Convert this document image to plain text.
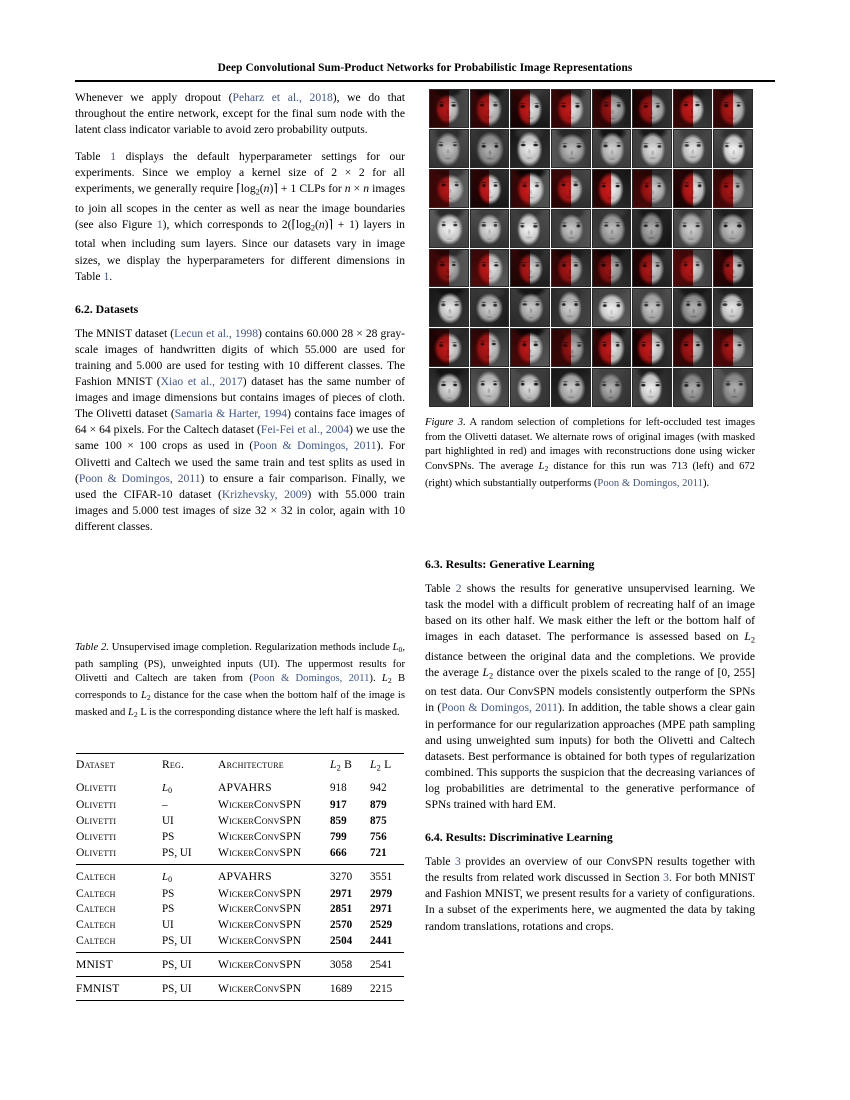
Deep Convolutional Sum-Product Networks for Probabilistic Image Representations

Whenever we apply dropout (Peharz et al., 2018), we do that throughout the entire network, except for the final sum node with the latent class indicator variable to avoid zero probability outputs.

Table 1 displays the default hyperparameter settings for our experiments. Since we employ a kernel size of 2 × 2 for all experiments, we generally require $⌈\log_2(n)⌉ + 1$ CLPs for n × n images to join all scopes in the center as well as near the image boundaries (see also Figure 1), which corresponds to $2(⌈\log_2(n)⌉ + 1)$ layers in total when including sum layers. Since our datasets vary in image sizes, we display the hyperparameters for different dimensions in Table 1.

6.2. Datasets

The MNIST dataset (Lecun et al., 1998) contains 60.000 28 × 28 gray-scale images of handwritten digits of which 55.000 are used for training and 5.000 are used for testing with 10 different classes. The Fashion MNIST (Xiao et al., 2017) dataset has the same number of images and image dimensions but contains images of pieces of cloth. The Olivetti dataset (Samaria & Harter, 1994) contains face images of 64 × 64 pixels. For the Caltech dataset (Fei-Fei et al., 2004) we use the same 100 × 100 crops as used in (Poon & Domingos, 2011). For Olivetti and Caltech we used the same train and test splits as used in (Poon & Domingos, 2011) to ensure a fair comparison. Finally, we used the CIFAR-10 dataset (Krizhevsky, 2009) with 55.000 train images and 5.000 test images of size 32 × 32 in color, again with 10 different classes.

Table 2. Unsupervised image completion. Regularization methods include $L_0$, path sampling (PS), unweighted inputs (UI). The uppermost results for Olivetti and Caltech are taken from (Poon & Domingos, 2011). $L_2$ B corresponds to $L_2$ distance for the case when the bottom half of the image is masked and $L_2$ L is the corresponding distance where the left half is masked.
Dataset	Reg.	Architecture	$L_2$ B	$L_2$ L
Olivetti	$L_0$	APVAHRS	918	942
Olivetti	–	WickerConvSPN	917	879
Olivetti	UI	WickerConvSPN	859	875
Olivetti	PS	WickerConvSPN	799	756
Olivetti	PS, UI	WickerConvSPN	666	721
Caltech	$L_0$	APVAHRS	3270	3551
Caltech	PS	WickerConvSPN	2971	2979
Caltech	PS	WickerConvSPN	2851	2971
Caltech	UI	WickerConvSPN	2570	2529
Caltech	PS, UI	WickerConvSPN	2504	2441
MNIST	PS, UI	WickerConvSPN	3058	2541
FMNIST	PS, UI	WickerConvSPN	1689	2215
Figure 3. A random selection of completions for left-occluded test images from the Olivetti dataset. We alternate rows of original images (with masked part highlighted in red) and images with reconstructions done using wicker ConvSPNs. The average $L_2$ distance for this run was 713 (left) and 672 (right) which substantially outperforms (Poon & Domingos, 2011).
6.3. Results: Generative Learning

Table 2 shows the results for generative unsupervised learning. We task the model with a difficult problem of recreating half of an image based on its other half. We mask either the left or the bottom half of images in each dataset. The performance is assessed based on $L_2$ distance between the original data and the completions. We provide the average $L_2$ distance over the pixels scaled to the range of [0, 255] on test data. Our ConvSPN models consistently outperform the SPNs in (Poon & Domingos, 2011). In addition, the table shows a clear gain in performance for our regularization approaches (MPE path sampling and using unweighted sum inputs) for both the Olivetti and Caltech datasets. Best performance is obtained for both types of regularization combined. This supports the suspicion that the decreasing variances of log probabilities are detrimental to the generative performance of SPNs trained with hard EM.

6.4. Results: Discriminative Learning

Table 3 provides an overview of our ConvSPN results together with the results from related work discussed in Section 3. For both MNIST and Fashion MNIST, we present results for a variety of configurations. In a subset of the experiments here, we augmented the data by taking random translations, rotations and crops.
